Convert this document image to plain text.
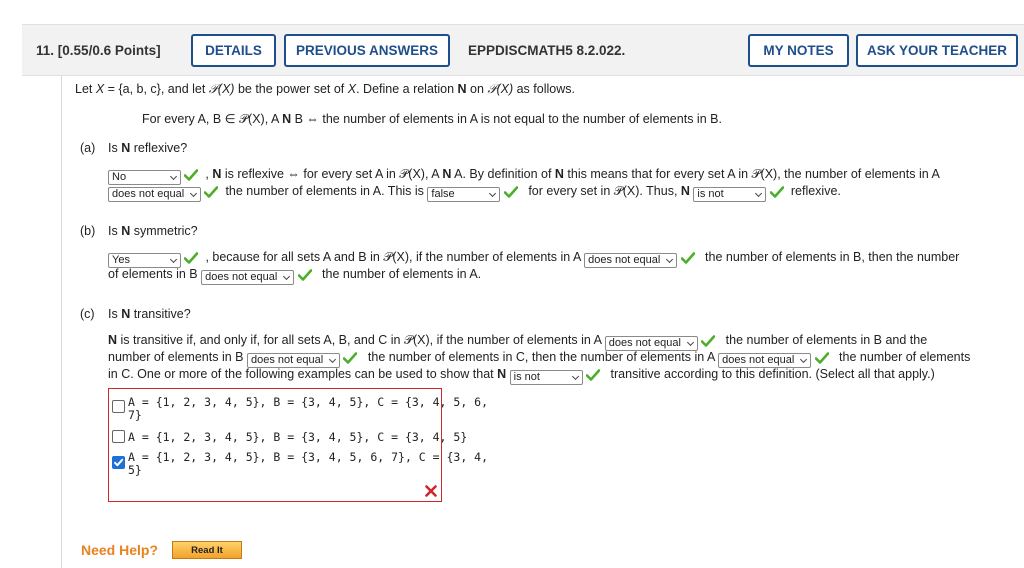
11. [0.55/0.6 Points]	DETAILS	PREVIOUS ANSWERS	EPPDISCMATH5 8.2.022.	MY NOTES	ASK YOUR TEACHER
Let X = {a, b, c}, and let 𝒫(X) be the power set of X. Define a relation N on 𝒫(X) as follows.
For every A, B ∈ 𝒫(X), A N B ⇔ the number of elements in A is not equal to the number of elements in B.
(a) Is N reflexive?
No	, N is reflexive ⇔ for every set A in 𝒫(X), A N A. By definition of N this means that for every set A in 𝒫(X), the number of elements in A
does not equal	the number of elements in A. This is false	for every set in 𝒫(X). Thus, N is not	reflexive.
(b) Is N symmetric?
Yes	, because for all sets A and B in 𝒫(X), if the number of elements in A does not equal	the number of elements in B, then the number
of elements in B does not equal	the number of elements in A.
(c) Is N transitive?
N is transitive if, and only if, for all sets A, B, and C in 𝒫(X), if the number of elements in A does not equal	the number of elements in B and the
number of elements in B does not equal	the number of elements in C, then the number of elements in A does not equal	the number of elements
in C. One or more of the following examples can be used to show that N is not	transitive according to this definition. (Select all that apply.)
A = {1, 2, 3, 4, 5}, B = {3, 4, 5}, C = {3, 4, 5, 6,
7}
A = {1, 2, 3, 4, 5}, B = {3, 4, 5}, C = {3, 4, 5}
A = {1, 2, 3, 4, 5}, B = {3, 4, 5, 6, 7}, C = {3, 4,
5}
Need Help?	Read It
